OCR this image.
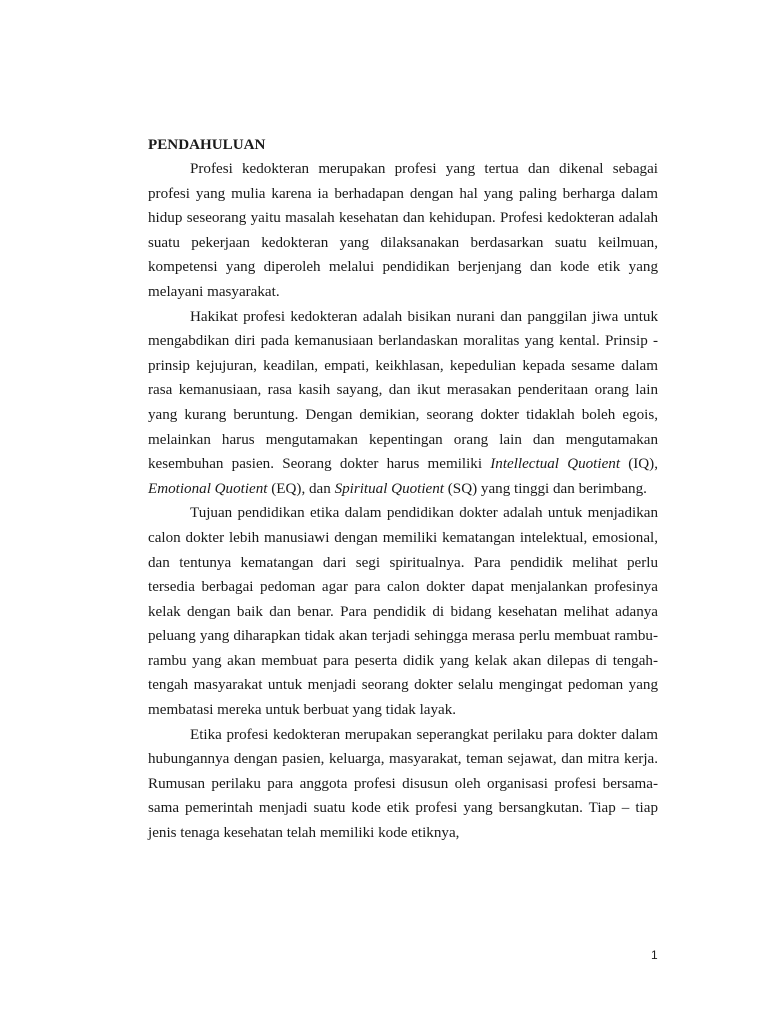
PENDAHULUAN

Profesi kedokteran merupakan profesi yang tertua dan dikenal sebagai profesi yang mulia karena ia berhadapan dengan hal yang paling berharga dalam hidup seseorang yaitu masalah kesehatan dan kehidupan. Profesi kedokteran adalah suatu pekerjaan kedokteran yang dilaksanakan berdasarkan suatu keilmuan, kompetensi yang diperoleh melalui pendidikan berjenjang dan kode etik yang melayani masyarakat.

Hakikat profesi kedokteran adalah bisikan nurani dan panggilan jiwa untuk mengabdikan diri pada kemanusiaan berlandaskan moralitas yang kental. Prinsip - prinsip kejujuran, keadilan, empati, keikhlasan, kepedulian kepada sesame dalam rasa kemanusiaan, rasa kasih sayang, dan ikut merasakan penderitaan orang lain yang kurang beruntung. Dengan demikian, seorang dokter tidaklah boleh egois, melainkan harus mengutamakan kepentingan orang lain dan mengutamakan kesembuhan pasien. Seorang dokter harus memiliki Intellectual Quotient (IQ), Emotional Quotient (EQ), dan Spiritual Quotient (SQ) yang tinggi dan berimbang.

Tujuan pendidikan etika dalam pendidikan dokter adalah untuk menjadikan calon dokter lebih manusiawi dengan memiliki kematangan intelektual, emosional, dan tentunya kematangan dari segi spiritualnya. Para pendidik melihat perlu tersedia berbagai pedoman agar para calon dokter dapat menjalankan profesinya kelak dengan baik dan benar. Para pendidik di bidang kesehatan melihat adanya peluang yang diharapkan tidak akan terjadi sehingga merasa perlu membuat rambu-rambu yang akan membuat para peserta didik yang kelak akan dilepas di tengah- tengah masyarakat untuk menjadi seorang dokter selalu mengingat pedoman yang membatasi mereka untuk berbuat yang tidak layak.

Etika profesi kedokteran merupakan seperangkat perilaku para dokter dalam hubungannya dengan pasien, keluarga, masyarakat, teman sejawat, dan mitra kerja. Rumusan perilaku para anggota profesi disusun oleh organisasi profesi bersama-sama pemerintah menjadi suatu kode etik profesi yang bersangkutan. Tiap – tiap jenis tenaga kesehatan telah memiliki kode etiknya,

1
